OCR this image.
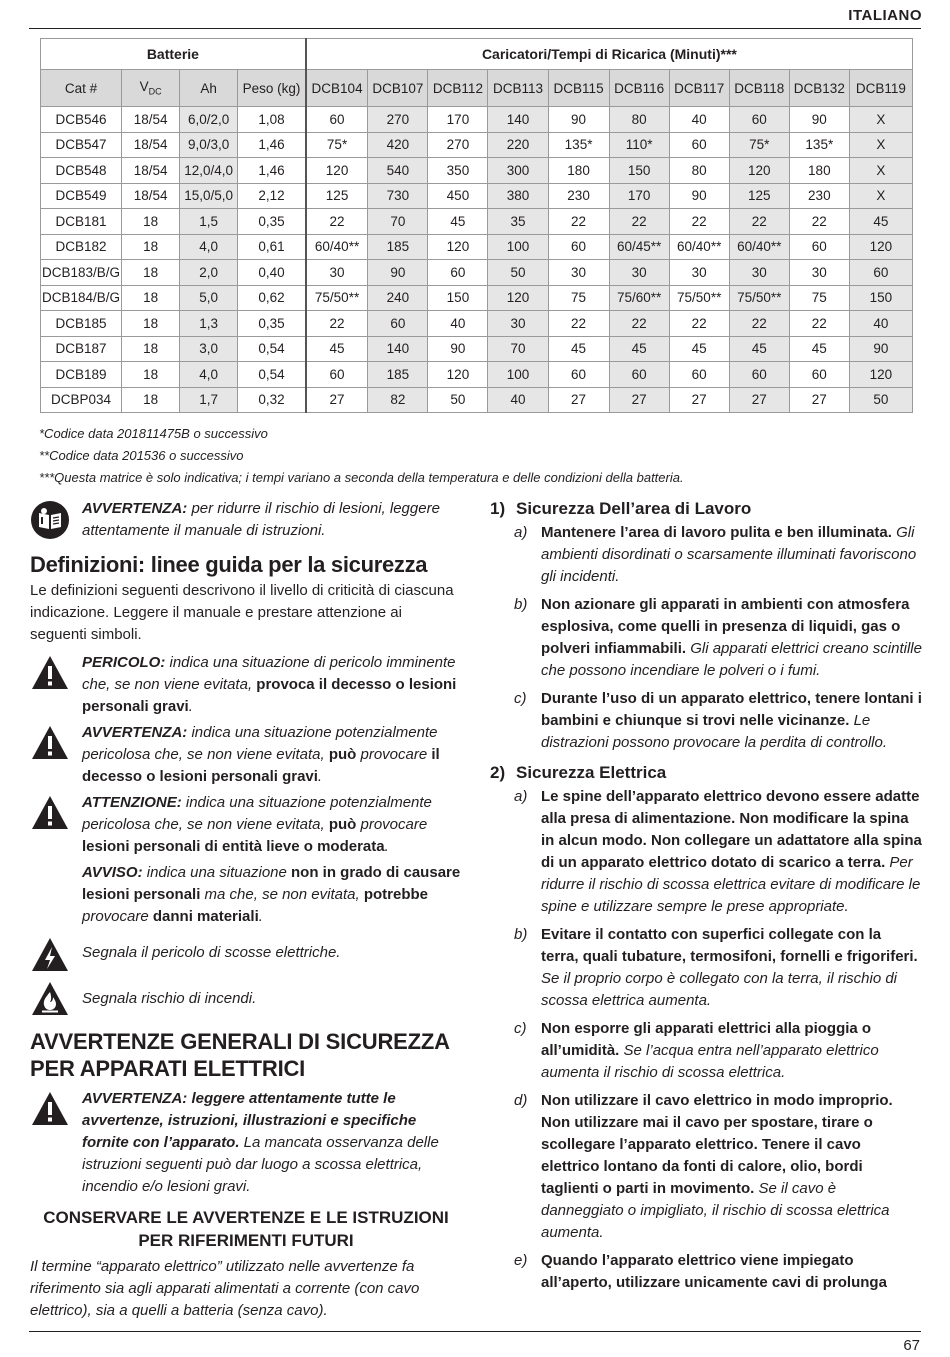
ITALIANO
Batterie				Caricatori/Tempi di Ricarica (Minuti)***									
Cat #	$V_{DC}$	Ah	Peso (kg)	DCB104	DCB107	DCB112	DCB113	DCB115	DCB116	DCB117	DCB118	DCB132	DCB119
DCB546	18/54	6,0/2,0	1,08	60	270	170	140	90	80	40	60	90	X
DCB547	18/54	9,0/3,0	1,46	75*	420	270	220	135*	110*	60	75*	135*	X
DCB548	18/54	12,0/4,0	1,46	120	540	350	300	180	150	80	120	180	X
DCB549	18/54	15,0/5,0	2,12	125	730	450	380	230	170	90	125	230	X
DCB181	18	1,5	0,35	22	70	45	35	22	22	22	22	22	45
DCB182	18	4,0	0,61	60/40**	185	120	100	60	60/45**	60/40**	60/40**	60	120
DCB183/B/G	18	2,0	0,40	30	90	60	50	30	30	30	30	30	60
DCB184/B/G	18	5,0	0,62	75/50**	240	150	120	75	75/60**	75/50**	75/50**	75	150
DCB185	18	1,3	0,35	22	60	40	30	22	22	22	22	22	40
DCB187	18	3,0	0,54	45	140	90	70	45	45	45	45	45	90
DCB189	18	4,0	0,54	60	185	120	100	60	60	60	60	60	120
DCBP034	18	1,7	0,32	27	82	50	40	27	27	27	27	27	50
*Codice data 201811475B o successivo
**Codice data 201536 o successivo
***Questa matrice è solo indicativa; i tempi variano a seconda della temperatura e delle condizioni della batteria.
AVVERTENZA: per ridurre il rischio di lesioni, leggere attentamente il manuale di istruzioni.
Definizioni: linee guida per la sicurezza
Le definizioni seguenti descrivono il livello di criticità di ciascuna indicazione. Leggere il manuale e prestare attenzione ai seguenti simboli.
PERICOLO: indica una situazione di pericolo imminente che, se non viene evitata, provoca il decesso o lesioni personali gravi.
AVVERTENZA: indica una situazione potenzialmente pericolosa che, se non viene evitata, può provocare il decesso o lesioni personali gravi.
ATTENZIONE: indica una situazione potenzialmente pericolosa che, se non viene evitata, può provocare lesioni personali di entità lieve o moderata.
AVVISO: indica una situazione non in grado di causare lesioni personali ma che, se non evitata, potrebbe provocare danni materiali.
Segnala il pericolo di scosse elettriche.
Segnala rischio di incendi.
AVVERTENZE GENERALI DI SICUREZZA PER APPARATI ELETTRICI
AVVERTENZA: leggere attentamente tutte le avvertenze, istruzioni, illustrazioni e specifiche fornite con l’apparato. La mancata osservanza delle istruzioni seguenti può dar luogo a scossa elettrica, incendio e/o lesioni gravi.
CONSERVARE LE AVVERTENZE E LE ISTRUZIONI PER RIFERIMENTI FUTURI
Il termine “apparato elettrico” utilizzato nelle avvertenze fa riferimento sia agli apparati alimentati a corrente (con cavo elettrico), sia a quelli a batteria (senza cavo).
1) Sicurezza Dell’area di Lavoro
a) Mantenere l’area di lavoro pulita e ben illuminata. Gli ambienti disordinati o scarsamente illuminati favoriscono gli incidenti.
b) Non azionare gli apparati in ambienti con atmosfera esplosiva, come quelli in presenza di liquidi, gas o polveri infiammabili. Gli apparati elettrici creano scintille che possono incendiare le polveri o i fumi.
c) Durante l’uso di un apparato elettrico, tenere lontani i bambini e chiunque si trovi nelle vicinanze. Le distrazioni possono provocare la perdita di controllo.
2) Sicurezza Elettrica
a) Le spine dell’apparato elettrico devono essere adatte alla presa di alimentazione. Non modificare la spina in alcun modo. Non collegare un adattatore alla spina di un apparato elettrico dotato di scarico a terra. Per ridurre il rischio di scossa elettrica evitare di modificare le spine e utilizzare sempre le prese appropriate.
b) Evitare il contatto con superfici collegate con la terra, quali tubature, termosifoni, fornelli e frigoriferi. Se il proprio corpo è collegato con la terra, il rischio di scossa elettrica aumenta.
c) Non esporre gli apparati elettrici alla pioggia o all’umidità. Se l’acqua entra nell’apparato elettrico aumenta il rischio di scossa elettrica.
d) Non utilizzare il cavo elettrico in modo improprio. Non utilizzare mai il cavo per spostare, tirare o scollegare l’apparato elettrico. Tenere il cavo elettrico lontano da fonti di calore, olio, bordi taglienti o parti in movimento. Se il cavo è danneggiato o impigliato, il rischio di scossa elettrica aumenta.
e) Quando l’apparato elettrico viene impiegato all’aperto, utilizzare unicamente cavi di prolunga
67
